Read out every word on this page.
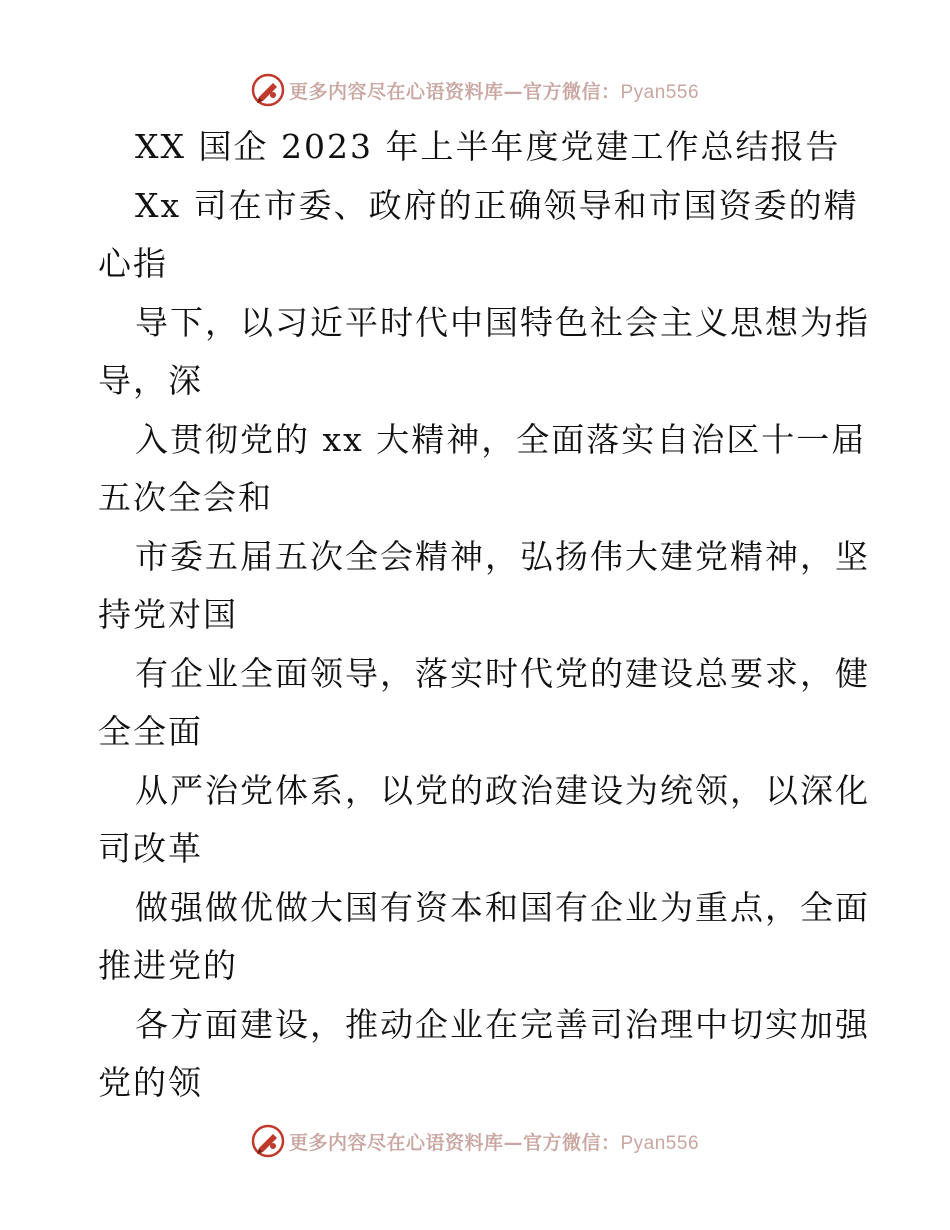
更多内容尽在心语资料库—官方微信：Pyan556
XX 国企 2023 年上半年度党建工作总结报告
Xx 司在市委、政府的正确领导和市国资委的精
心指
导下，以习近平时代中国特色社会主义思想为指
导，深
入贯彻党的 xx 大精神，全面落实自治区十一届
五次全会和
市委五届五次全会精神，弘扬伟大建党精神，坚
持党对国
有企业全面领导，落实时代党的建设总要求，健
全全面
从严治党体系，以党的政治建设为统领，以深化
司改革
做强做优做大国有资本和国有企业为重点，全面
推进党的
各方面建设，推动企业在完善司治理中切实加强
党的领
更多内容尽在心语资料库—官方微信：Pyan556
